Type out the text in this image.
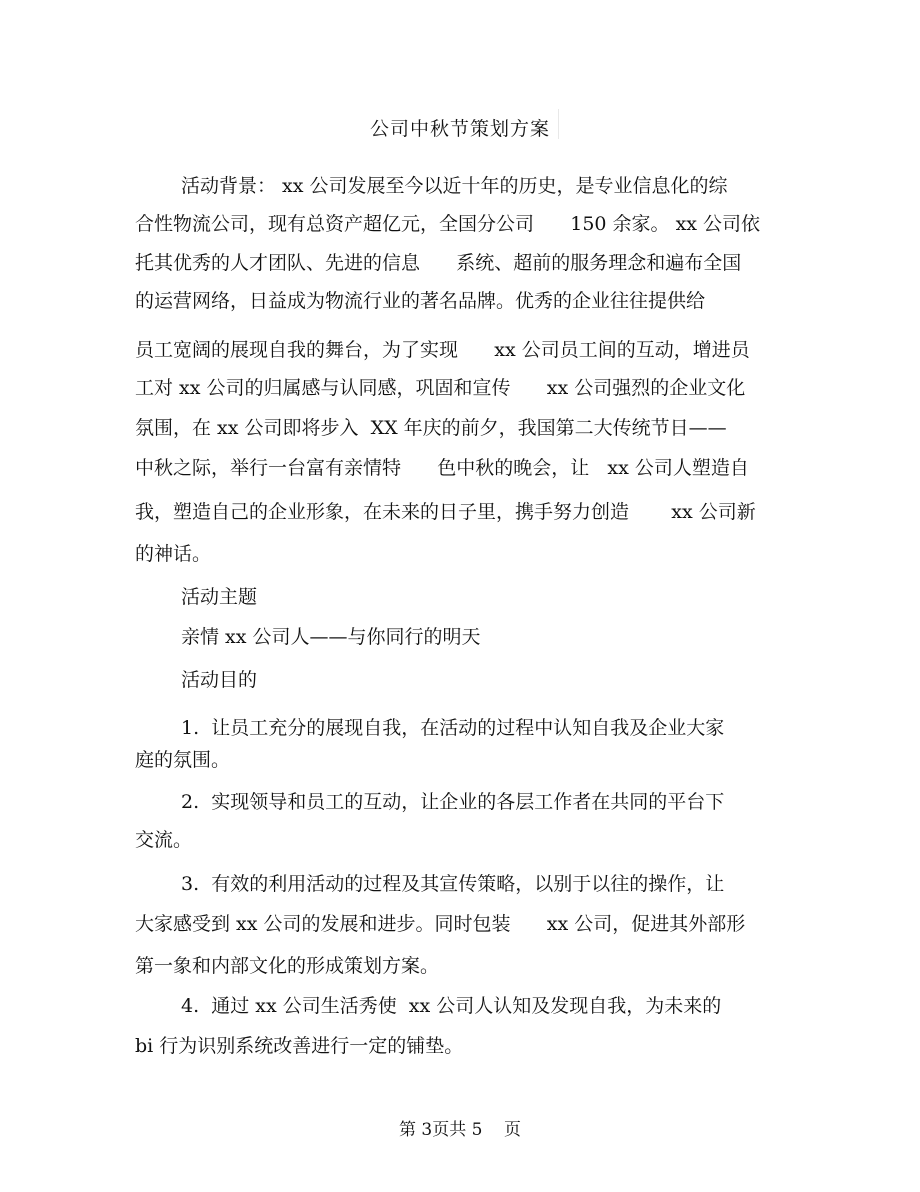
公司中秋节策划方案
活动背景： xx 公司发展至今以近十年的历史，是专业信息化的综
合性物流公司，现有总资产超亿元，全国分公司      150 余家。 xx 公司依
托其优秀的人才团队、先进的信息      系统、超前的服务理念和遍布全国
的运营网络，日益成为物流行业的著名品牌。优秀的企业往往提供给
员工宽阔的展现自我的舞台，为了实现      xx 公司员工间的互动，增进员
工对 xx 公司的归属感与认同感，巩固和宣传      xx 公司强烈的企业文化
氛围，在 xx 公司即将步入  XX 年庆的前夕，我国第二大传统节日——
中秋之际，举行一台富有亲情特      色中秋的晚会，让   xx 公司人塑造自
我，塑造自己的企业形象，在未来的日子里，携手努力创造       xx 公司新
的神话。
活动主题
亲情 xx 公司人——与你同行的明天
活动目的
1.  让员工充分的展现自我，在活动的过程中认知自我及企业大家
庭的氛围。
2.  实现领导和员工的互动，让企业的各层工作者在共同的平台下
交流。
3.  有效的利用活动的过程及其宣传策略，以别于以往的操作，让
大家感受到 xx 公司的发展和进步。同时包装      xx 公司，促进其外部形
第一象和内部文化的形成策划方案。
4.  通过 xx 公司生活秀使  xx 公司人认知及发现自我，为未来的
bi 行为识别系统改善进行一定的铺垫。
第 3页共 5    页
